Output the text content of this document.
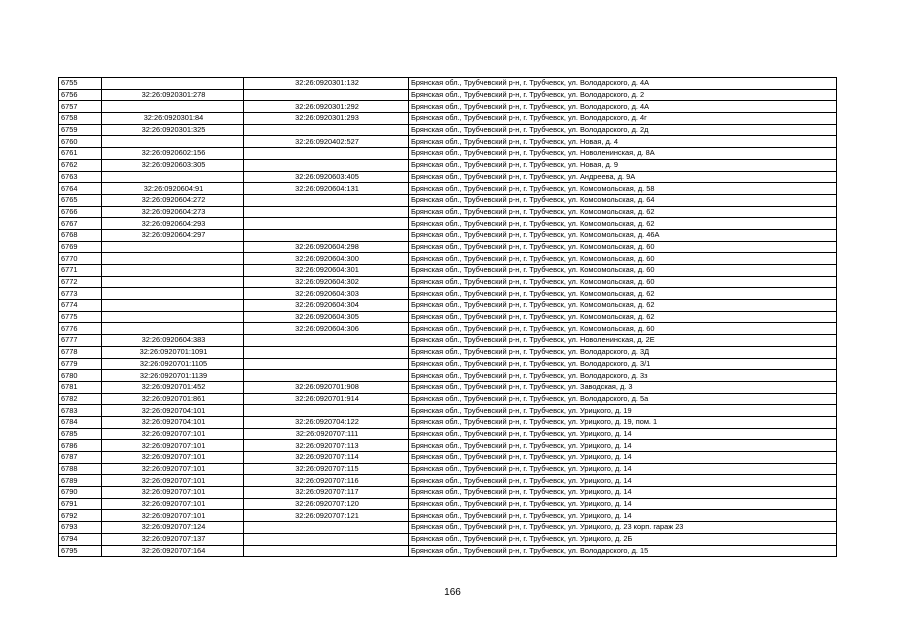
6755		32:26:0920301:132	Брянская обл., Трубчевский р-н, г. Трубчевск, ул. Володарского, д. 4А
6756	32:26:0920301:278		Брянская обл., Трубчевский р-н, г. Трубчевск, ул. Володарского, д. 2
6757		32:26:0920301:292	Брянская обл., Трубчевский р-н, г. Трубчевск, ул. Володарского, д. 4А
6758	32:26:0920301:84	32:26:0920301:293	Брянская обл., Трубчевский р-н, г. Трубчевск, ул. Володарского, д. 4г
6759	32:26:0920301:325		Брянская обл., Трубчевский р-н, г. Трубчевск, ул. Володарского, д. 2д
6760		32:26:0920402:527	Брянская обл., Трубчевский р-н, г. Трубчевск, ул. Новая, д. 4
6761	32:26:0920602:156		Брянская обл., Трубчевский р-н, г. Трубчевск, ул. Новоленинская, д. 8А
6762	32:26:0920603:305		Брянская обл., Трубчевский р-н, г. Трубчевск, ул. Новая, д. 9
6763		32:26:0920603:405	Брянская обл., Трубчевский р-н, г. Трубчевск, ул. Андреева, д. 9А
6764	32:26:0920604:91	32:26:0920604:131	Брянская обл., Трубчевский р-н, г. Трубчевск, ул. Комсомольская, д. 58
6765	32:26:0920604:272		Брянская обл., Трубчевский р-н, г. Трубчевск, ул. Комсомольская, д. 64
6766	32:26:0920604:273		Брянская обл., Трубчевский р-н, г. Трубчевск, ул. Комсомольская, д. 62
6767	32:26:0920604:293		Брянская обл., Трубчевский р-н, г. Трубчевск, ул. Комсомольская, д. 62
6768	32:26:0920604:297		Брянская обл., Трубчевский р-н, г. Трубчевск, ул. Комсомольская, д. 46А
6769		32:26:0920604:298	Брянская обл., Трубчевский р-н, г. Трубчевск, ул. Комсомольская, д. 60
6770		32:26:0920604:300	Брянская обл., Трубчевский р-н, г. Трубчевск, ул. Комсомольская, д. 60
6771		32:26:0920604:301	Брянская обл., Трубчевский р-н, г. Трубчевск, ул. Комсомольская, д. 60
6772		32:26:0920604:302	Брянская обл., Трубчевский р-н, г. Трубчевск, ул. Комсомольская, д. 60
6773		32:26:0920604:303	Брянская обл., Трубчевский р-н, г. Трубчевск, ул. Комсомольская, д. 62
6774		32:26:0920604:304	Брянская обл., Трубчевский р-н, г. Трубчевск, ул. Комсомольская, д. 62
6775		32:26:0920604:305	Брянская обл., Трубчевский р-н, г. Трубчевск, ул. Комсомольская, д. 62
6776		32:26:0920604:306	Брянская обл., Трубчевский р-н, г. Трубчевск, ул. Комсомольская, д. 60
6777	32:26:0920604:383		Брянская обл., Трубчевский р-н, г. Трубчевск, ул. Новоленинская, д. 2Е
6778	32:26:0920701:1091		Брянская обл., Трубчевский р-н, г. Трубчевск, ул. Володарского, д. 3Д
6779	32:26:0920701:1105		Брянская обл., Трубчевский р-н, г. Трубчевск, ул. Володарского, д. 3/1
6780	32:26:0920701:1139		Брянская обл., Трубчевский р-н, г. Трубчевск, ул. Володарского, д. 3з
6781	32:26:0920701:452	32:26:0920701:908	Брянская обл., Трубчевский р-н, г. Трубчевск, ул. Заводская, д. 3
6782	32:26:0920701:861	32:26:0920701:914	Брянская обл., Трубчевский р-н, г. Трубчевск, ул. Володарского, д. 5а
6783	32:26:0920704:101		Брянская обл., Трубчевский р-н, г. Трубчевск, ул. Урицкого, д. 19
6784	32:26:0920704:101	32:26:0920704:122	Брянская обл., Трубчевский р-н, г. Трубчевск, ул. Урицкого, д. 19, пом. 1
6785	32:26:0920707:101	32:26:0920707:111	Брянская обл., Трубчевский р-н, г. Трубчевск, ул. Урицкого, д. 14
6786	32:26:0920707:101	32:26:0920707:113	Брянская обл., Трубчевский р-н, г. Трубчевск, ул. Урицкого, д. 14
6787	32:26:0920707:101	32:26:0920707:114	Брянская обл., Трубчевский р-н, г. Трубчевск, ул. Урицкого, д. 14
6788	32:26:0920707:101	32:26:0920707:115	Брянская обл., Трубчевский р-н, г. Трубчевск, ул. Урицкого, д. 14
6789	32:26:0920707:101	32:26:0920707:116	Брянская обл., Трубчевский р-н, г. Трубчевск, ул. Урицкого, д. 14
6790	32:26:0920707:101	32:26:0920707:117	Брянская обл., Трубчевский р-н, г. Трубчевск, ул. Урицкого, д. 14
6791	32:26:0920707:101	32:26:0920707:120	Брянская обл., Трубчевский р-н, г. Трубчевск, ул. Урицкого, д. 14
6792	32:26:0920707:101	32:26:0920707:121	Брянская обл., Трубчевский р-н, г. Трубчевск, ул. Урицкого, д. 14
6793	32:26:0920707:124		Брянская обл., Трубчевский р-н, г. Трубчевск, ул. Урицкого, д. 23 корп. гараж 23
6794	32:26:0920707:137		Брянская обл., Трубчевский р-н, г. Трубчевск, ул. Урицкого, д. 2Б
6795	32:26:0920707:164		Брянская обл., Трубчевский р-н, г. Трубчевск, ул. Володарского, д. 15
166
